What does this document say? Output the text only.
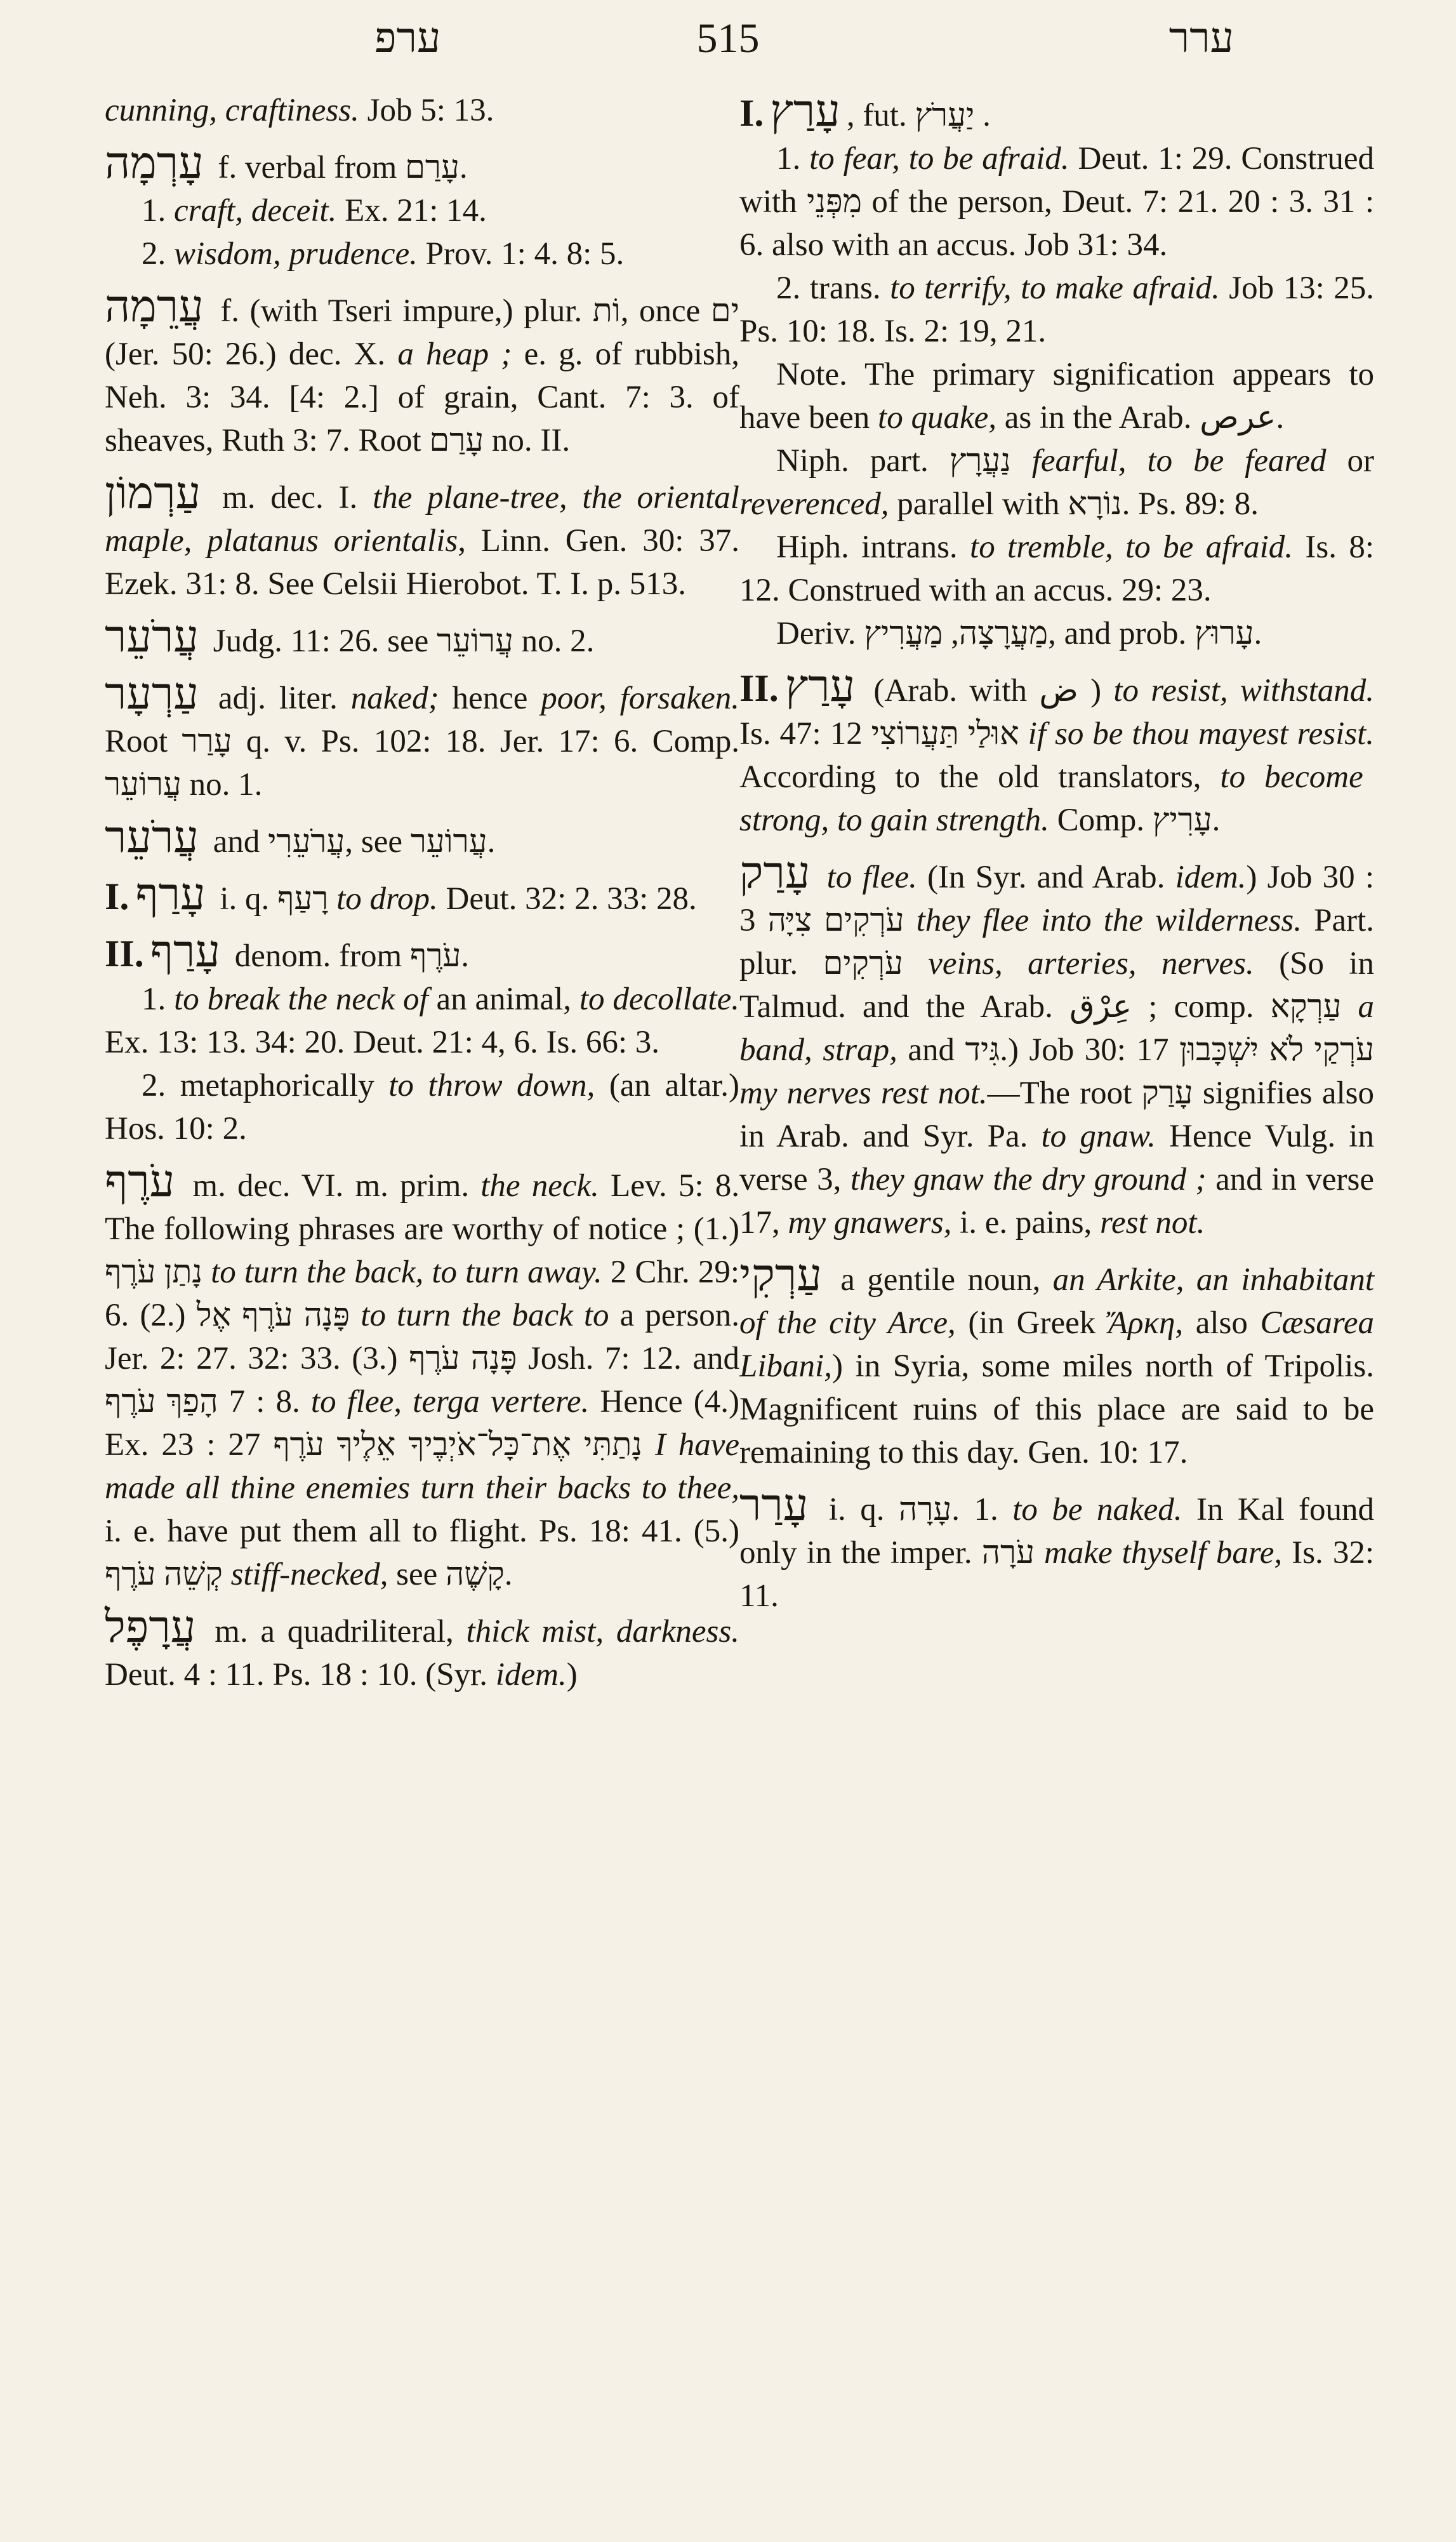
ערפ	515	ערר

cunning, craftiness. Job 5: 13.

עָרְמָה f. verbal from עָרַם.
1. craft, deceit. Ex. 21: 14.
2. wisdom, prudence. Prov. 1: 4. 8: 5.

עֲרֵמָה f. (with Tseri impure,) plur. וֹת, once ים (Jer. 50: 26.) dec. X. a heap ; e. g. of rubbish, Neh. 3: 34. [4: 2.] of grain, Cant. 7: 3. of sheaves, Ruth 3: 7. Root עָרַם no. II.

עַרְמוֹן m. dec. I. the plane-tree, the oriental maple, platanus orientalis, Linn. Gen. 30: 37. Ezek. 31: 8. See Celsii Hierobot. T. I. p. 513.

עֲרֹעֵר Judg. 11: 26. see עֲרוֹעֵר no. 2.

עַרְעָר adj. liter. naked; hence poor, forsaken. Root עָרַר q. v. Ps. 102: 18. Jer. 17: 6. Comp. עֲרוֹעֵר no. 1.

עֲרֹעֵר and עֲרֹעֵרִי, see עֲרוֹעֵר.

I. עָרַף i. q. רָעַף to drop. Deut. 32: 2. 33: 28.

II. עָרַף denom. from עֹרֶף.
1. to break the neck of an animal, to decollate. Ex. 13: 13. 34: 20. Deut. 21: 4, 6. Is. 66: 3.
2. metaphorically to throw down, (an altar.) Hos. 10: 2.

עֹרֶף m. dec. VI. m. prim. the neck. Lev. 5: 8. The following phrases are worthy of notice ; (1.) נָתַן עֹרֶף to turn the back, to turn away. 2 Chr. 29: 6. (2.) פָּנָה עֹרֶף אֶל to turn the back to a person. Jer. 2: 27. 32: 33. (3.) פָּנָה עֹרֶף Josh. 7: 12. and הָפַךְ עֹרֶף 7 : 8. to flee, terga vertere. Hence (4.) Ex. 23 : 27 נָתַתִּי אֶת־כָּל־אֹיְבֶיךָ אֵלֶיךָ עֹרֶף I have made all thine enemies turn their backs to thee, i. e. have put them all to flight. Ps. 18: 41. (5.) קְשֵׁה עֹרֶף stiff-necked, see קָשֶׁה.

עֲרָפֶל m. a quadriliteral, thick mist, darkness. Deut. 4 : 11. Ps. 18 : 10. (Syr. idem.)

I. עָרַץ , fut. יַעֲרֹץ .
1. to fear, to be afraid. Deut. 1: 29. Construed with מִפְּנֵי of the person, Deut. 7: 21. 20 : 3. 31 : 6. also with an accus. Job 31: 34.
2. trans. to terrify, to make afraid. Job 13: 25. Ps. 10: 18. Is. 2: 19, 21.
Note. The primary signification appears to have been to quake, as in the Arab. عرص.
Niph. part. נַעֲרָץ fearful, to be feared or reverenced, parallel with נוֹרָא. Ps. 89: 8.
Hiph. intrans. to tremble, to be afraid. Is. 8: 12. Construed with an accus. 29: 23.
Deriv. מַעֲרָצָה, מַעֲרִיץ, and prob. עָרוּץ.

II. עָרַץ (Arab. with ض ) to resist, withstand. Is. 47: 12 אוּלַי תַּעֲרוֹצִי if so be thou mayest resist. According to the old translators, to become strong, to gain strength. Comp. עָרִיץ.

עָרַק to flee. (In Syr. and Arab. idem.) Job 30 : 3 עֹרְקִים צִיָּה they flee into the wilderness. Part. plur. עֹרְקִים veins, arteries, nerves. (So in Talmud. and the Arab. عِرْق ; comp. עַרְקָא a band, strap, and גִּיד.) Job 30: 17 עֹרְקַי לֹא יִשְׁכָּבוּן my nerves rest not.—The root עָרַק signifies also in Arab. and Syr. Pa. to gnaw. Hence Vulg. in verse 3, they gnaw the dry ground ; and in verse 17, my gnawers, i. e. pains, rest not.

עַרְקִי a gentile noun, an Arkite, an inhabitant of the city Arce, (in Greek Ἄρκη, also Cæsarea Libani,) in Syria, some miles north of Tripolis. Magnificent ruins of this place are said to be remaining to this day. Gen. 10: 17.

עָרַר i. q. עָרָה. 1. to be naked. In Kal found only in the imper. עֹרָה make thyself bare, Is. 32: 11.
